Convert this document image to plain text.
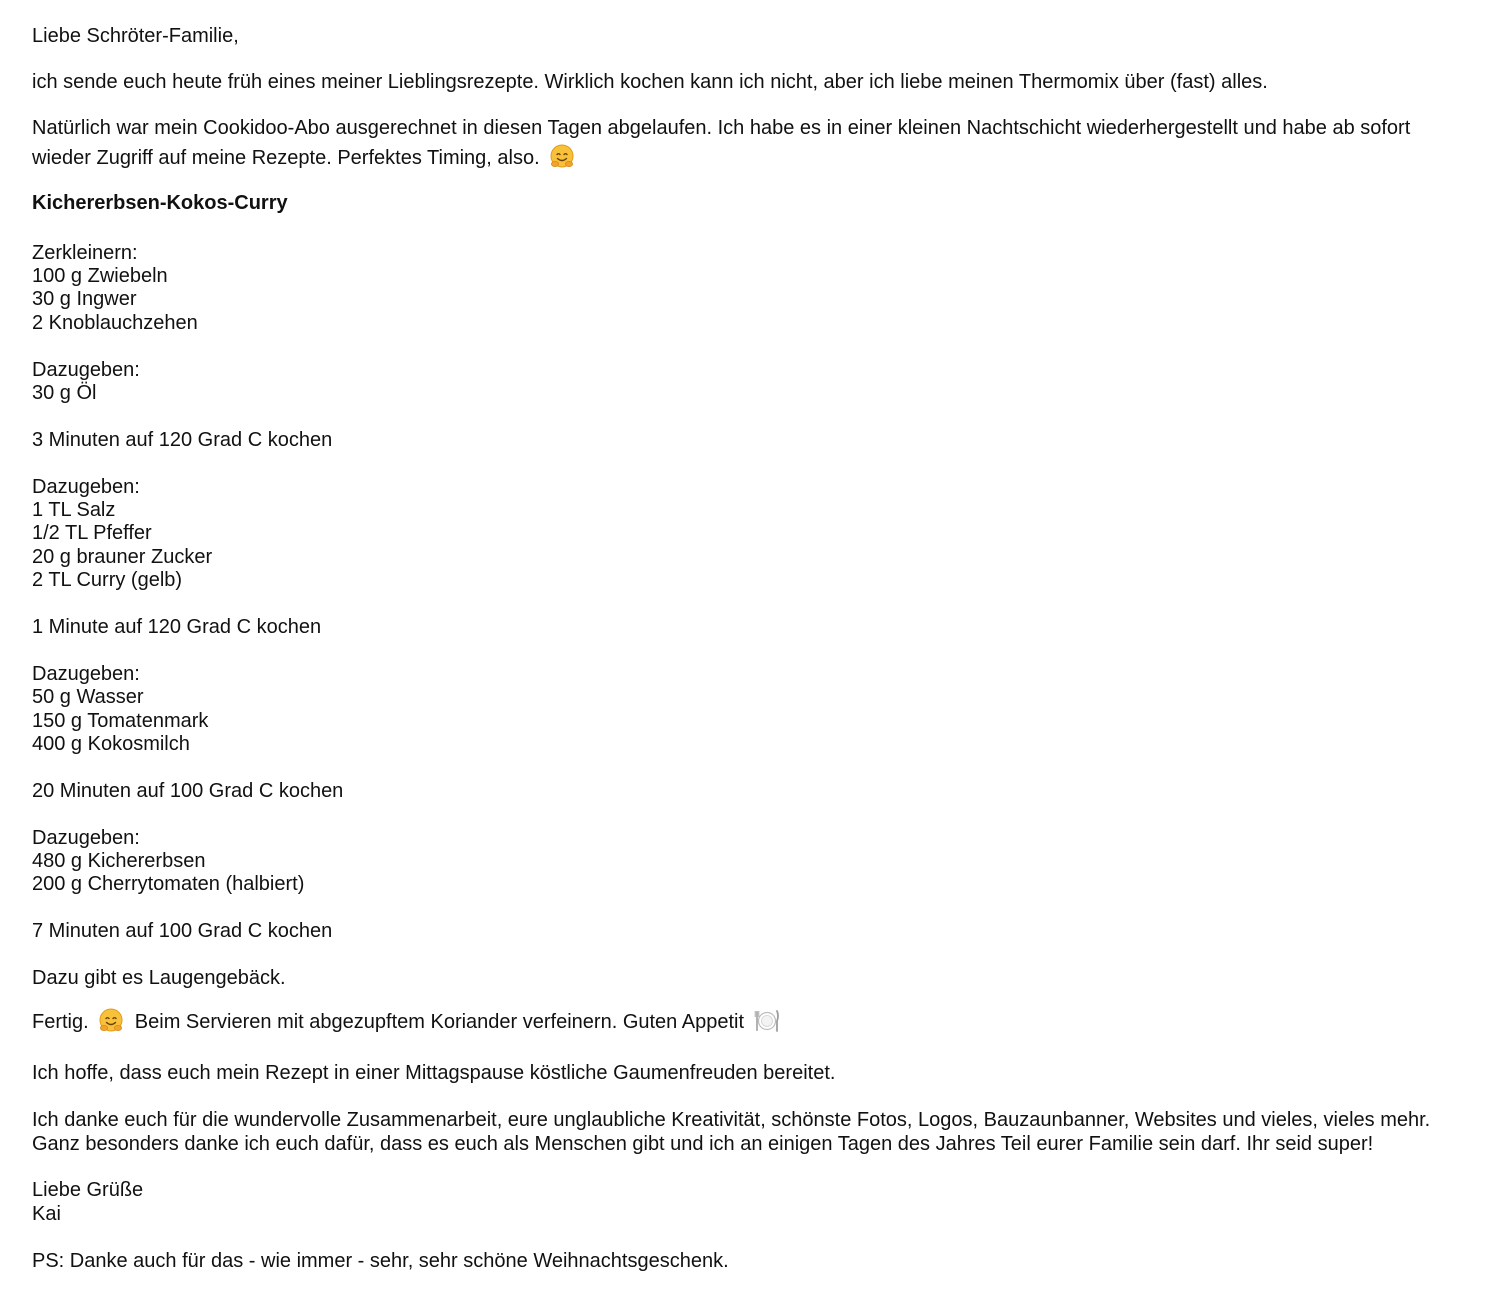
Liebe Schröter-Familie,

ich sende euch heute früh eines meiner Lieblingsrezepte. Wirklich kochen kann ich nicht, aber ich liebe meinen Thermomix über (fast) alles.

Natürlich war mein Cookidoo-Abo ausgerechnet in diesen Tagen abgelaufen. Ich habe es in einer kleinen Nachtschicht wiederhergestellt und habe ab sofort wieder Zugriff auf meine Rezepte. Perfektes Timing, also.

Kichererbsen-Kokos-Curry

Zerkleinern:
100 g Zwiebeln
30 g Ingwer
2 Knoblauchzehen
Dazugeben:
30 g Öl
3 Minuten auf 120 Grad C kochen
Dazugeben:
1 TL Salz
1/2 TL Pfeffer
20 g brauner Zucker
2 TL Curry (gelb)
1 Minute auf 120 Grad C kochen
Dazugeben:
50 g Wasser
150 g Tomatenmark
400 g Kokosmilch
20 Minuten auf 100 Grad C kochen
Dazugeben:
480 g Kichererbsen
200 g Cherrytomaten (halbiert)
7 Minuten auf 100 Grad C kochen
Dazu gibt es Laugengebäck.

Fertig.
Beim Servieren mit abgezupftem Koriander verfeinern. Guten Appetit

Ich hoffe, dass euch mein Rezept in einer Mittagspause köstliche Gaumenfreuden bereitet.

Ich danke euch für die wundervolle Zusammenarbeit, eure unglaubliche Kreativität, schönste Fotos, Logos, Bauzaunbanner, Websites und vieles, vieles mehr.

Ganz besonders danke ich euch dafür, dass es euch als Menschen gibt und ich an einigen Tagen des Jahres Teil eurer Familie sein darf. Ihr seid super!

Liebe Grüße

Kai

PS: Danke auch für das - wie immer - sehr, sehr schöne Weihnachtsgeschenk.
